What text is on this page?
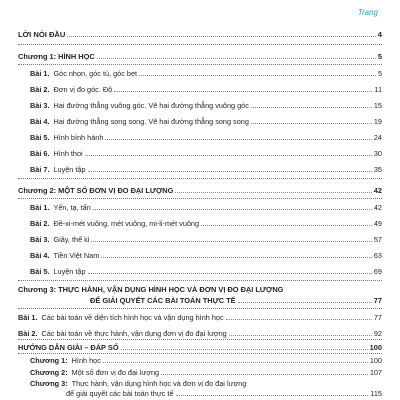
Trang
LỜI NÓI ĐẦU	4
Chương 1: HÌNH HỌC	5
Bài 1. Góc nhọn, góc tù, góc bẹt	5
Bài 2. Đơn vị đo góc. Độ	11
Bài 3. Hai đường thẳng vuông góc. Vẽ hai đường thẳng vuông góc	15
Bài 4. Hai đường thẳng song song. Vẽ hai đường thẳng song song	19
Bài 5. Hình bình hành	24
Bài 6. Hình thoi	30
Bài 7. Luyện tập	35
Chương 2: MỘT SỐ ĐƠN VỊ ĐO ĐẠI LƯỢNG	42
Bài 1. Yến, tạ, tấn	42
Bài 2. Đề-xi-mét vuông, mét vuông, mi-li-mét vuông	49
Bài 3. Giây, thế kỉ	57
Bài 4. Tiền Việt Nam	63
Bài 5. Luyện tập	69
Chương 3: THỰC HÀNH, VẬN DỤNG HÌNH HỌC VÀ ĐƠN VỊ ĐO ĐẠI LƯỢNG
ĐỂ GIẢI QUYẾT CÁC BÀI TOÁN THỰC TẾ	77
Bài 1. Các bài toán về diện tích hình học và vận dụng hình học	77
Bài 2. Các bài toán về thực hành, vận dụng đơn vị đo đại lượng	92
HƯỚNG DẪN GIẢI – ĐÁP SỐ	100
Chương 1: Hình học	100
Chương 2: Một số đơn vị đo đại lượng	107
Chương 3: Thực hành, vận dụng hình học và đơn vị đo đại lượng
để giải quyết các bài toán thực tế	115
